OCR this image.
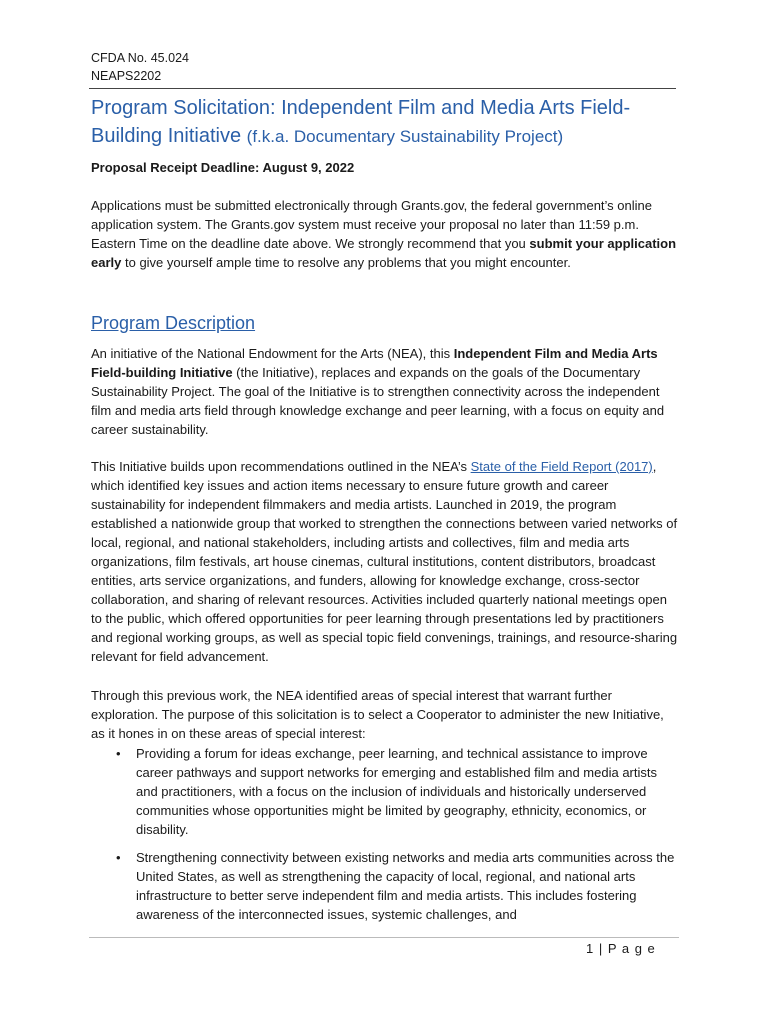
CFDA No. 45.024
NEAPS2202
Program Solicitation: Independent Film and Media Arts Field-Building Initiative (f.k.a. Documentary Sustainability Project)
Proposal Receipt Deadline: August 9, 2022

Applications must be submitted electronically through Grants.gov, the federal government’s online application system. The Grants.gov system must receive your proposal no later than 11:59 p.m. Eastern Time on the deadline date above. We strongly recommend that you submit your application early to give yourself ample time to resolve any problems that you might encounter.

Program Description

An initiative of the National Endowment for the Arts (NEA), this Independent Film and Media Arts Field-building Initiative (the Initiative), replaces and expands on the goals of the Documentary Sustainability Project. The goal of the Initiative is to strengthen connectivity across the independent film and media arts field through knowledge exchange and peer learning, with a focus on equity and career sustainability.

This Initiative builds upon recommendations outlined in the NEA’s State of the Field Report (2017), which identified key issues and action items necessary to ensure future growth and career sustainability for independent filmmakers and media artists. Launched in 2019, the program established a nationwide group that worked to strengthen the connections between varied networks of local, regional, and national stakeholders, including artists and collectives, film and media arts organizations, film festivals, art house cinemas, cultural institutions, content distributors, broadcast entities, arts service organizations, and funders, allowing for knowledge exchange, cross-sector collaboration, and sharing of relevant resources. Activities included quarterly national meetings open to the public, which offered opportunities for peer learning through presentations led by practitioners and regional working groups, as well as special topic field convenings, trainings, and resource-sharing relevant for field advancement.

Through this previous work, the NEA identified areas of special interest that warrant further exploration. The purpose of this solicitation is to select a Cooperator to administer the new Initiative, as it hones in on these areas of special interest:

• Providing a forum for ideas exchange, peer learning, and technical assistance to improve career pathways and support networks for emerging and established film and media artists and practitioners, with a focus on the inclusion of individuals and historically underserved communities whose opportunities might be limited by geography, ethnicity, economics, or disability.
• Strengthening connectivity between existing networks and media arts communities across the United States, as well as strengthening the capacity of local, regional, and national arts infrastructure to better serve independent film and media artists. This includes fostering awareness of the interconnected issues, systemic challenges, and
1 | P a g e
